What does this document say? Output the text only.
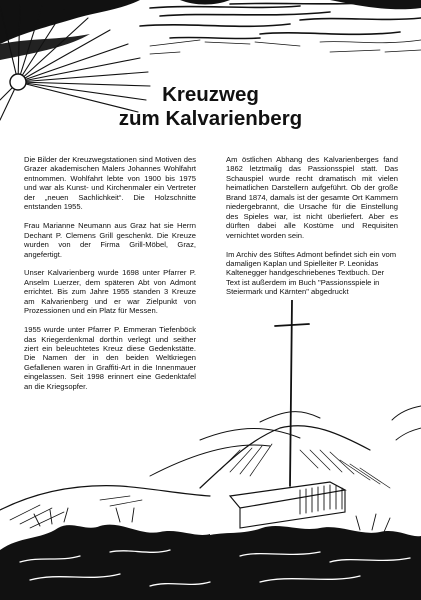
Kreuzweg
zum Kalvarienberg

Die Bilder der Kreuzwegstationen sind Motiven des Grazer akademischen Malers Johannes Wohlfahrt entnommen. Wohlfahrt lebte von 1900 bis 1975 und war als Kunst- und Kirchenmaler ein Vertreter der „neuen Sachlichkeit“. Die Holzschnitte entstanden 1955.

Frau Marianne Neumann aus Graz hat sie Herrn Dechant P. Clemens Grill geschenkt. Die Kreuze wurden von der Firma Grill-Möbel, Graz, angefertigt.

Unser Kalvarienberg wurde 1698 unter Pfarrer P. Anselm Luerzer, dem späteren Abt von Admont errichtet. Bis zum Jahre 1955 standen 3 Kreuze am Kalvarienberg und er war Zielpunkt von Prozessionen und ein Platz für Messen.

1955 wurde unter Pfarrer P. Emmeran Tiefenböck das Kriegerdenkmal dorthin verlegt und seither ziert ein beleuchtetes Kreuz diese Gedenkstätte. Die Namen der in den beiden Weltkriegen Gefallenen waren in Graffiti-Art in die Innenmauer eingelassen. Seit 1998 erinnert eine Gedenktafel an die Kriegsopfer.

Am östlichen Abhang des Kalvarienberges fand 1862 letztmalig das Passionsspiel statt. Das Schauspiel wurde recht dramatisch mit vielen heimatlichen Darstellern aufgeführt. Ob der große Brand 1874, damals ist der gesamte Ort Kammern niedergebrannt, die Ursache für die Einstellung des Spieles war, ist nicht überliefert. Aber es dürften dabei alle Kostüme und Requisiten vernichtet worden sein.

Im Archiv des Stiftes Admont befindet sich ein vom damaligen Kaplan und Spielleiter P. Leonidas Kaltenegger handgeschriebenes Textbuch. Der Text ist außerdem im Buch "Passionsspiele in Steiermark und Kärnten" abgedruckt
